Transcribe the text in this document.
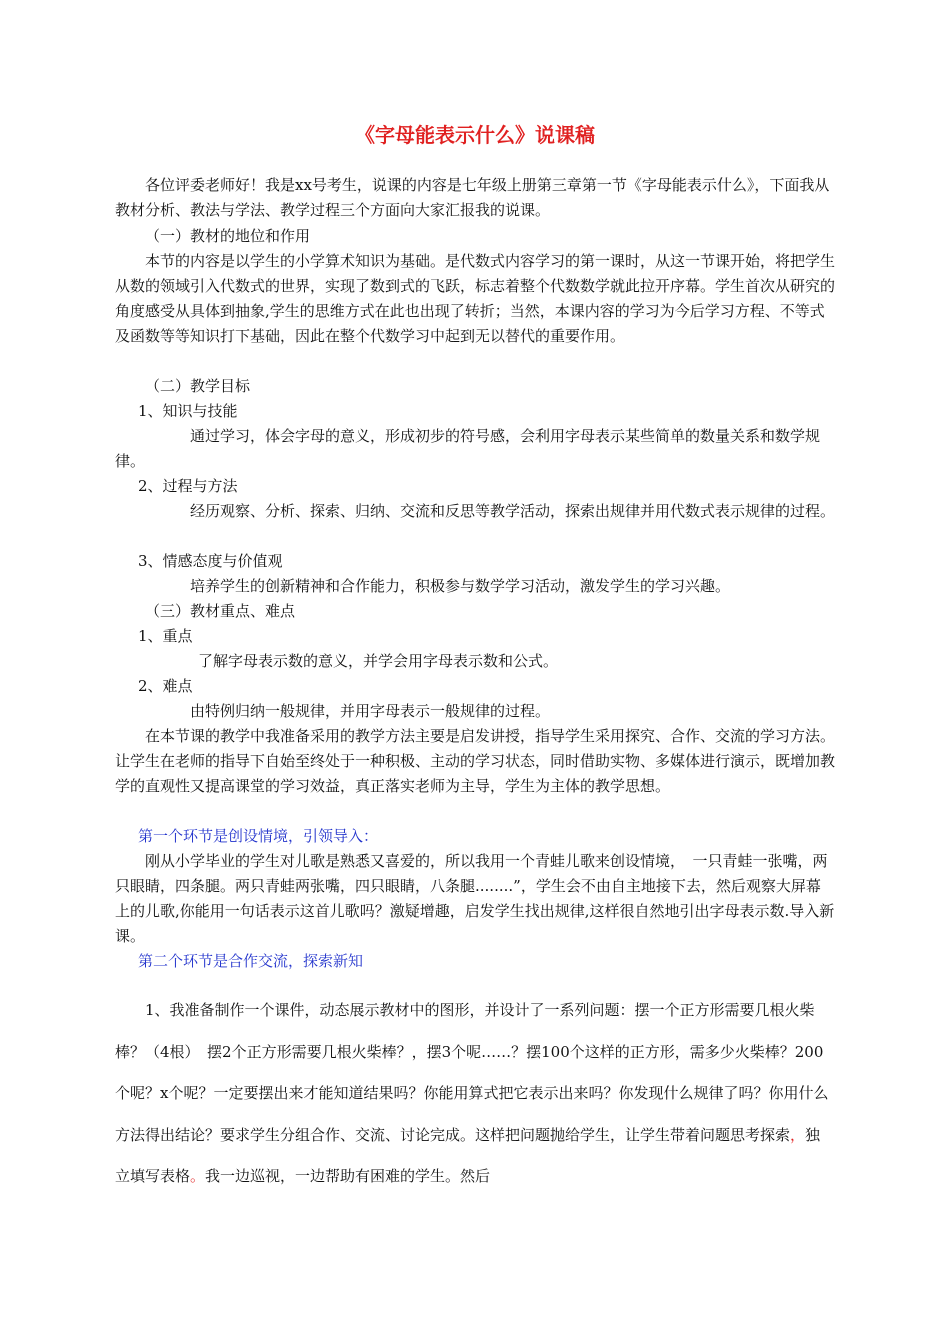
《字母能表示什么》说课稿
各位评委老师好！我是xx号考生，说课的内容是七年级上册第三章第一节《字母能表示什么》，下面我从教材分析、教法与学法、教学过程三个方面向大家汇报我的说课。
（一）教材的地位和作用
本节的内容是以学生的小学算术知识为基础。是代数式内容学习的第一课时，从这一节课开始，将把学生从数的领域引入代数式的世界，实现了数到式的飞跃，标志着整个代数数学就此拉开序幕。学生首次从研究的角度感受从具体到抽象,学生的思维方式在此也出现了转折；当然，本课内容的学习为今后学习方程、不等式及函数等等知识打下基础，因此在整个代数学习中起到无以替代的重要作用。
（二）教学目标
1、知识与技能
通过学习，体会字母的意义，形成初步的符号感，会利用字母表示某些简单的数量关系和数学规律。
2、过程与方法
经历观察、分析、探索、归纳、交流和反思等教学活动，探索出规律并用代数式表示规律的过程。
3、情感态度与价值观
培养学生的创新精神和合作能力，积极参与数学学习活动，激发学生的学习兴趣。
（三）教材重点、难点
1、重点
了解字母表示数的意义，并学会用字母表示数和公式。
2、难点
由特例归纳一般规律，并用字母表示一般规律的过程。
在本节课的教学中我准备采用的教学方法主要是启发讲授，指导学生采用探究、合作、交流的学习方法。让学生在老师的指导下自始至终处于一种积极、主动的学习状态，同时借助实物、多媒体进行演示，既增加教学的直观性又提高课堂的学习效益，真正落实老师为主导，学生为主体的教学思想。
第一个环节是创设情境，引领导入：
刚从小学毕业的学生对儿歌是熟悉又喜爱的，所以我用一个青蛙儿歌来创设情境，　一只青蛙一张嘴，两只眼睛，四条腿。两只青蛙两张嘴，四只眼睛，八条腿........”，学生会不由自主地接下去，然后观察大屏幕上的儿歌,你能用一句话表示这首儿歌吗？激疑增趣，启发学生找出规律,这样很自然地引出字母表示数.导入新课。
第二个环节是合作交流，探索新知
1、我准备制作一个课件，动态展示教材中的图形，并设计了一系列问题：摆一个正方形需要几根火柴棒？（4根）　摆2个正方形需要几根火柴棒？，摆3个呢……？摆100个这样的正方形，需多少火柴棒？200个呢？x个呢？一定要摆出来才能知道结果吗？你能用算式把它表示出来吗？你发现什么规律了吗？你用什么方法得出结论？要求学生分组合作、交流、讨论完成。这样把问题抛给学生，让学生带着问题思考探索，独立填写表格。我一边巡视，一边帮助有困难的学生。然后
